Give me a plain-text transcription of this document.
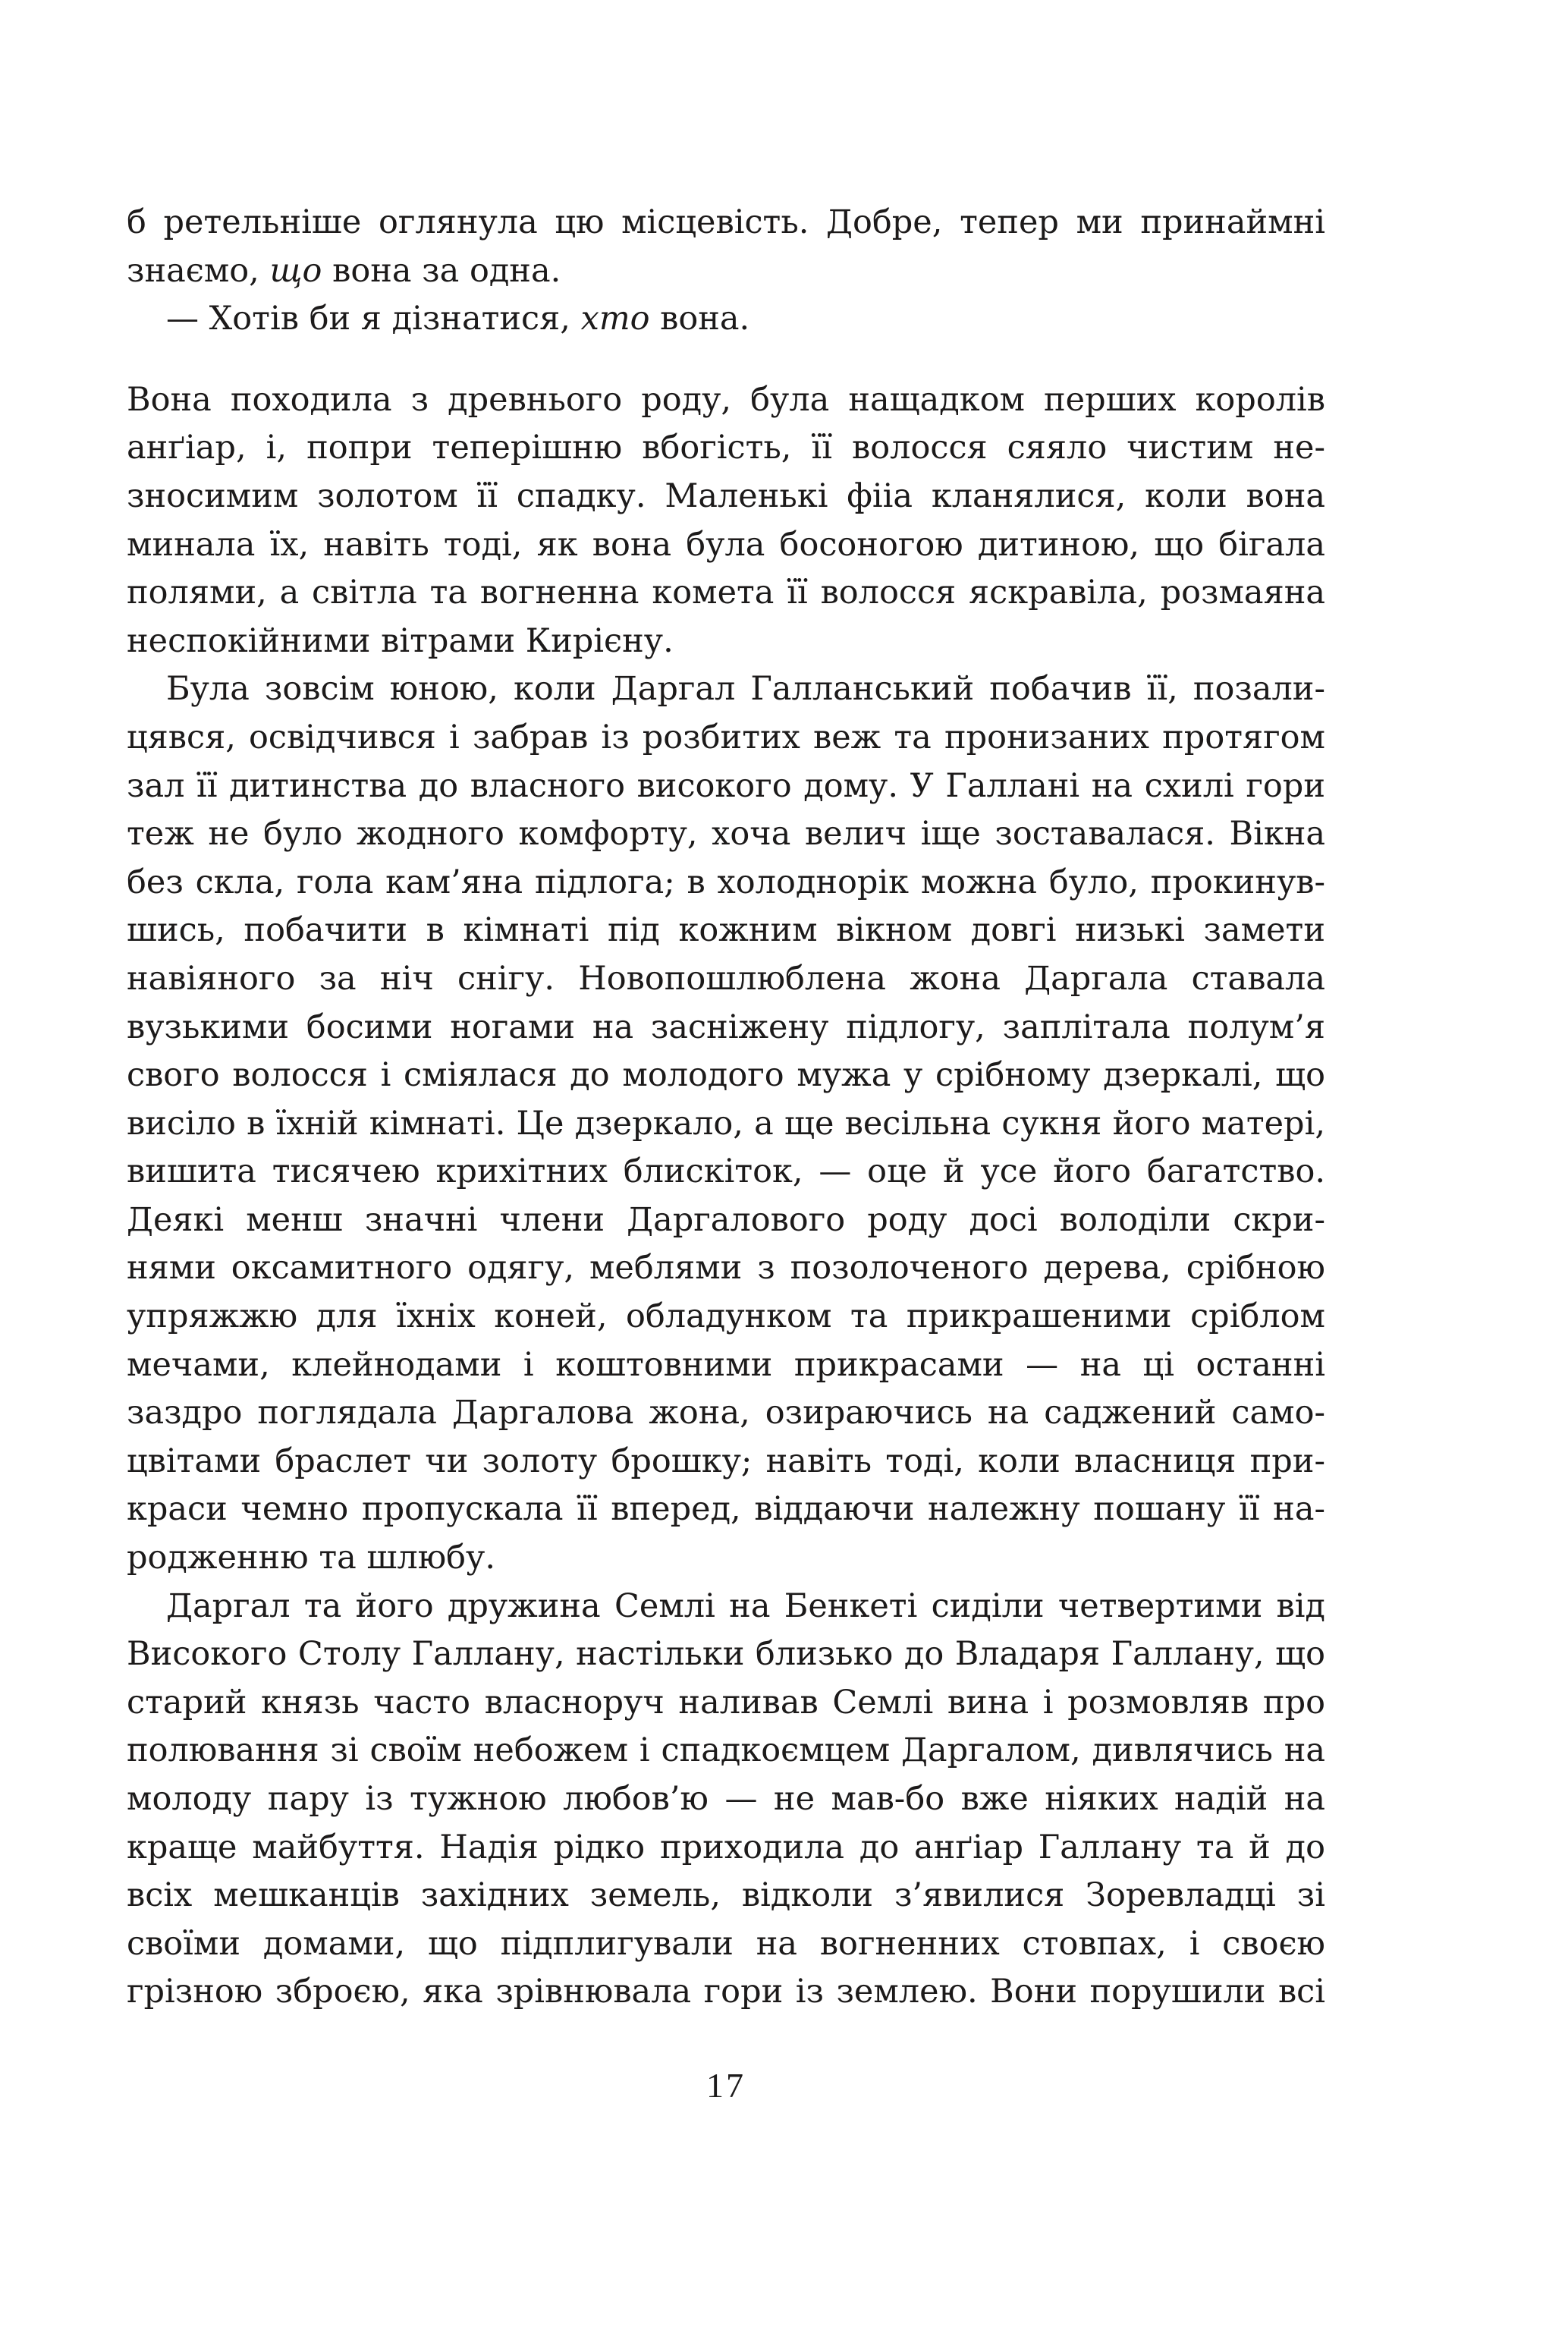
б ретельніше оглянула цю місцевість. Добре, тепер ми принаймні
знаємо, що вона за одна.
— Хотів би я дізнатися, хто вона.
Вона походила з древнього роду, була нащадком перших королів
анґіар, і, попри теперішню вбогість, її волосся сяяло чистим не-
зносимим золотом її спадку. Маленькі фііа кланялися, коли вона
минала їх, навіть тоді, як вона була босоногою дитиною, що бігала
полями, а світла та вогненна комета її волосся яскравіла, розмаяна
неспокійними вітрами Кирієну.
Була зовсім юною, коли Даргал Галланський побачив її, позали-
цявся, освідчився і забрав із розбитих веж та пронизаних протягом
зал її дитинства до власного високого дому. У Галлані на схилі гори
теж не було жодного комфорту, хоча велич іще зоставалася. Вікна
без скла, гола кам’яна підлога; в холоднорік можна було, прокинув-
шись, побачити в кімнаті під кожним вікном довгі низькі замети
навіяного за ніч снігу. Новопошлюблена жона Даргала ставала
вузькими босими ногами на засніжену підлогу, заплітала полум’я
свого волосся і сміялася до молодого мужа у срібному дзеркалі, що
висіло в їхній кімнаті. Це дзеркало, а ще весільна сукня його матері,
вишита тисячею крихітних блискіток, — оце й усе його багатство.
Деякі менш значні члени Даргалового роду досі володіли скри-
нями оксамитного одягу, меблями з позолоченого дерева, срібною
упряжжю для їхніх коней, обладунком та прикрашеними сріблом
мечами, клейнодами і коштовними прикрасами — на ці останні
заздро поглядала Даргалова жона, озираючись на саджений само-
цвітами браслет чи золоту брошку; навіть тоді, коли власниця при-
краси чемно пропускала її вперед, віддаючи належну пошану її на-
родженню та шлюбу.
Даргал та його дружина Семлі на Бенкеті сиділи четвертими від
Високого Столу Галлану, настільки близько до Владаря Галлану, що
старий князь часто власноруч наливав Семлі вина і розмовляв про
полювання зі своїм небожем і спадкоємцем Даргалом, дивлячись на
молоду пару із тужною любов’ю — не мав-бо вже ніяких надій на
краще майбуття. Надія рідко приходила до анґіар Галлану та й до
всіх мешканців західних земель, відколи з’явилися Зоревладці зі
своїми домами, що підплигували на вогненних стовпах, і своєю
грізною зброєю, яка зрівнювала гори із землею. Вони порушили всі
17
